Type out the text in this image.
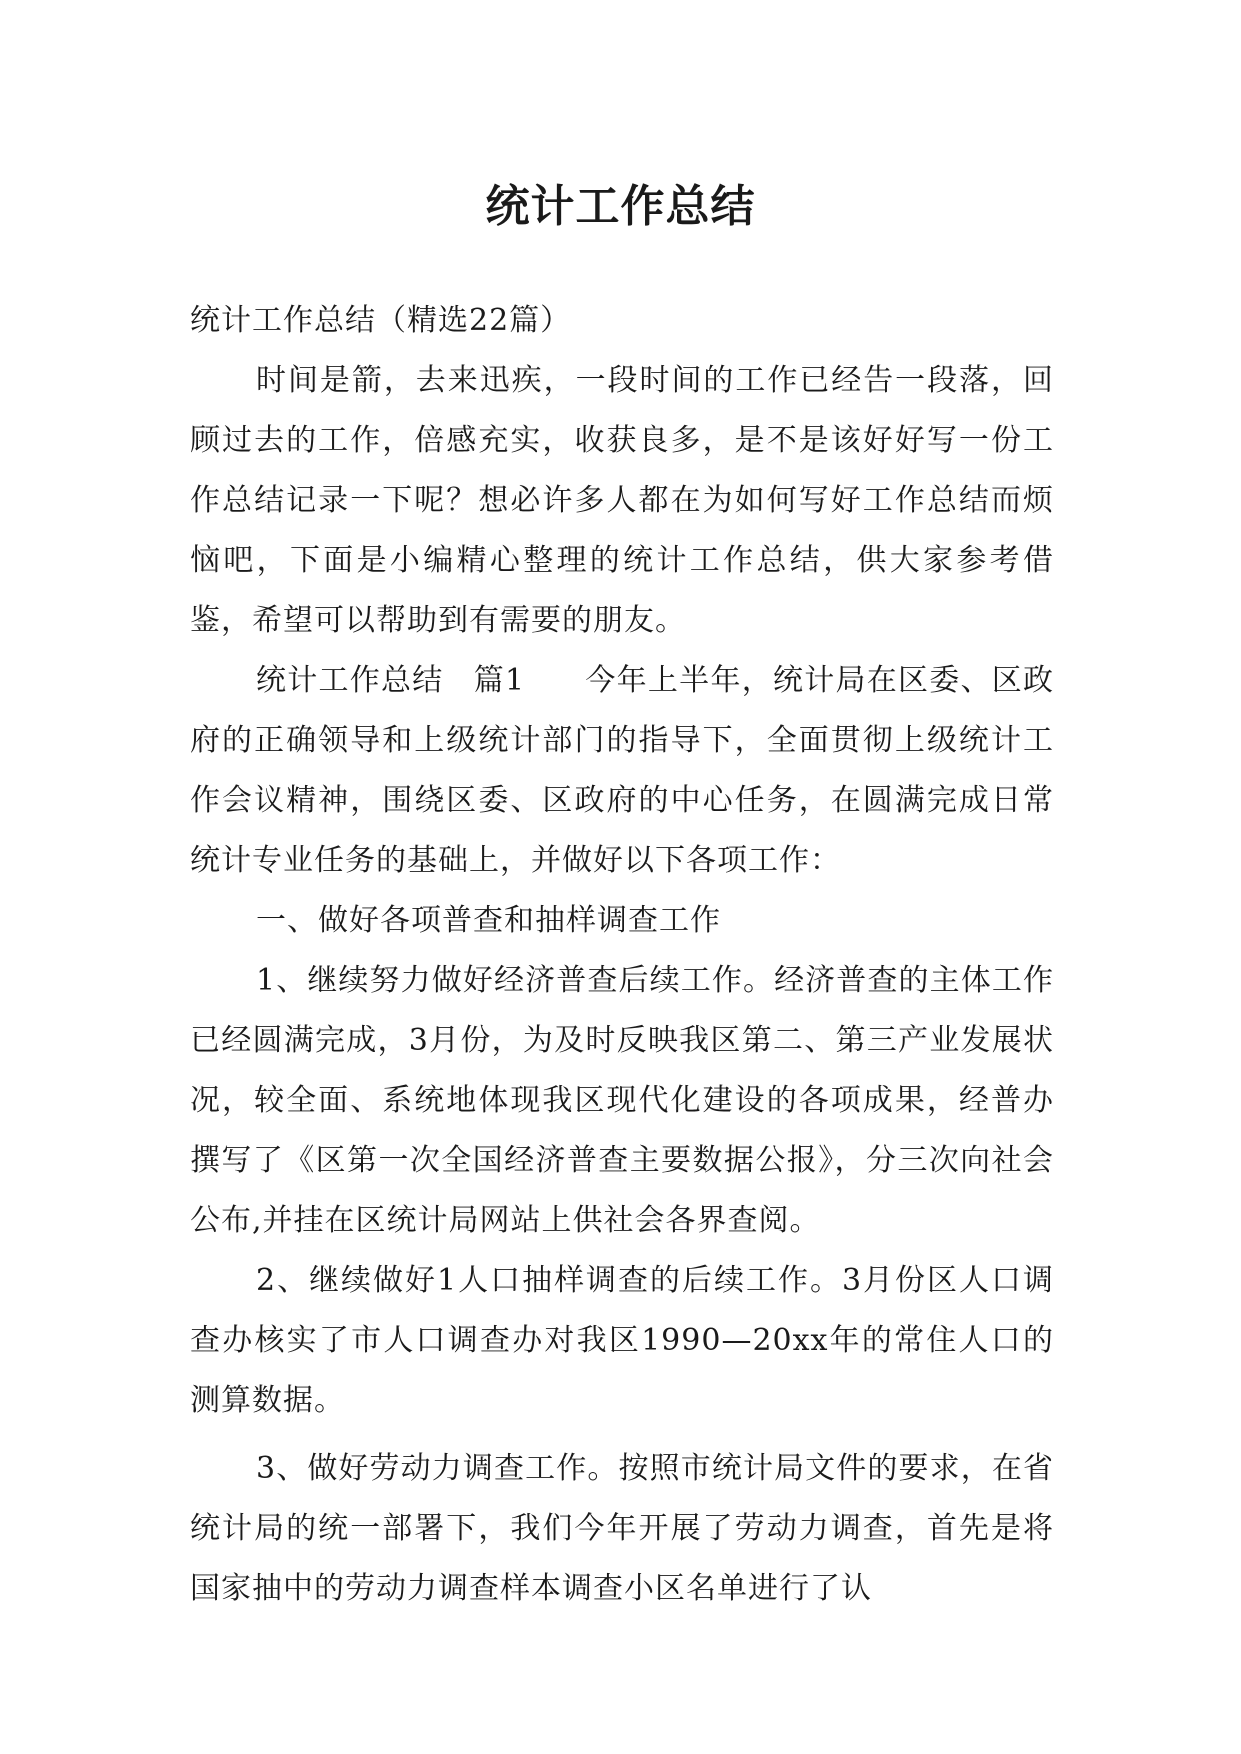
统计工作总结

统计工作总结（精选22篇）

时间是箭，去来迅疾，一段时间的工作已经告一段落，回顾过去的工作，倍感充实，收获良多，是不是该好好写一份工作总结记录一下呢？想必许多人都在为如何写好工作总结而烦恼吧，下面是小编精心整理的统计工作总结，供大家参考借鉴，希望可以帮助到有需要的朋友。

统计工作总结 篇1 今年上半年，统计局在区委、区政府的正确领导和上级统计部门的指导下，全面贯彻上级统计工作会议精神，围绕区委、区政府的中心任务，在圆满完成日常统计专业任务的基础上，并做好以下各项工作：

一、做好各项普查和抽样调查工作

1、继续努力做好经济普查后续工作。经济普查的主体工作已经圆满完成，3月份，为及时反映我区第二、第三产业发展状况，较全面、系统地体现我区现代化建设的各项成果，经普办撰写了《区第一次全国经济普查主要数据公报》，分三次向社会公布,并挂在区统计局网站上供社会各界查阅。

2、继续做好1人口抽样调查的后续工作。3月份区人口调查办核实了市人口调查办对我区1990—20xx年的常住人口的测算数据。

3、做好劳动力调查工作。按照市统计局文件的要求，在省统计局的统一部署下，我们今年开展了劳动力调查，首先是将国家抽中的劳动力调查样本调查小区名单进行了认
